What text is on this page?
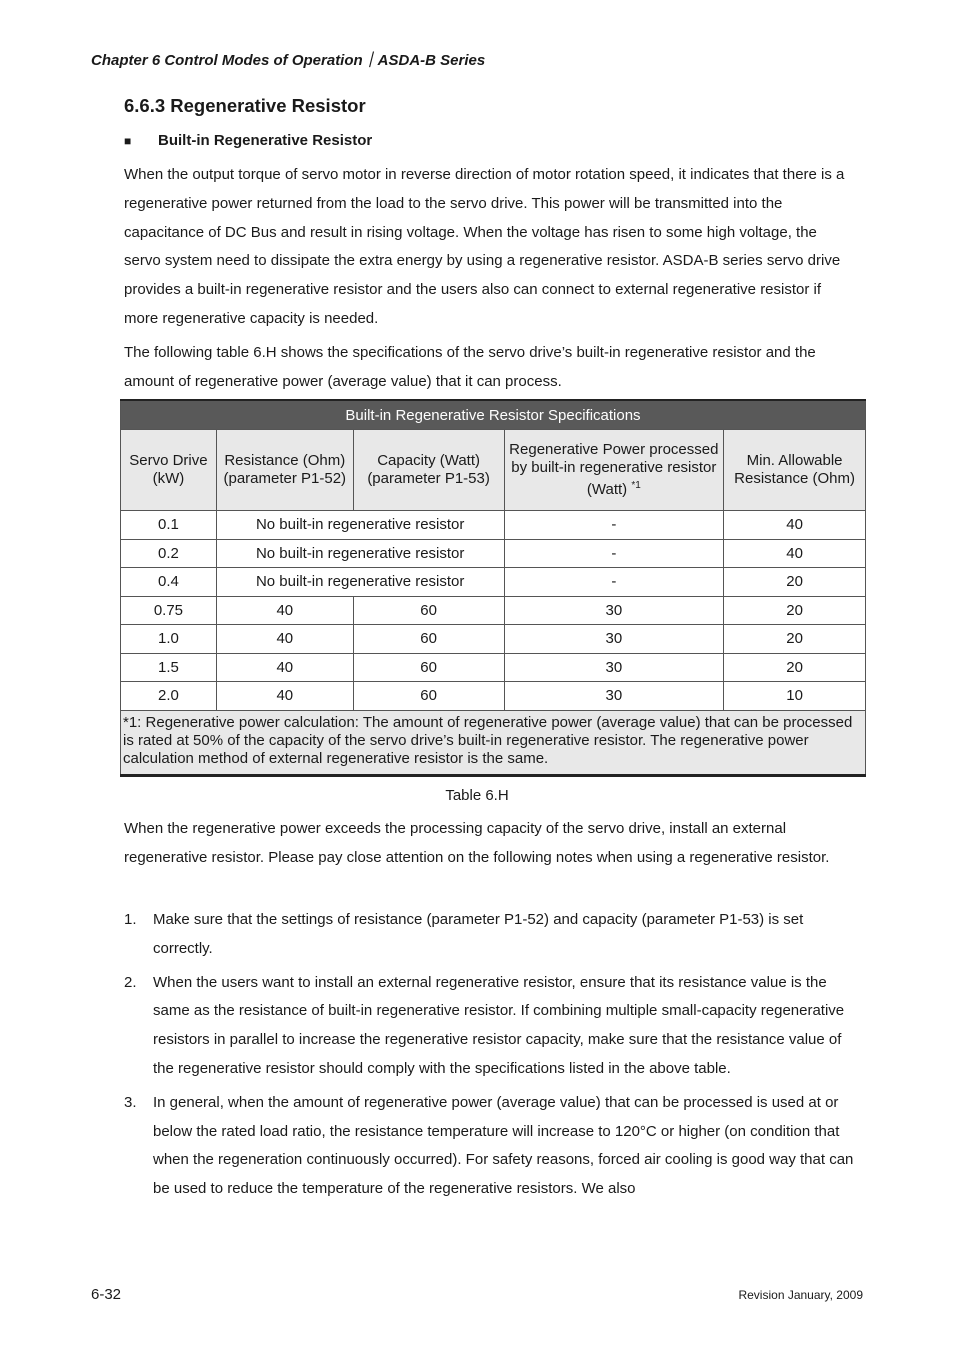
Chapter 6 Control Modes of Operation｜ASDA-B Series
6.6.3 Regenerative Resistor
■ Built-in Regenerative Resistor
When the output torque of servo motor in reverse direction of motor rotation speed, it indicates that there is a regenerative power returned from the load to the servo drive. This power will be transmitted into the capacitance of DC Bus and result in rising voltage. When the voltage has risen to some high voltage, the servo system need to dissipate the extra energy by using a regenerative resistor. ASDA-B series servo drive provides a built-in regenerative resistor and the users also can connect to external regenerative resistor if more regenerative capacity is needed.
The following table 6.H shows the specifications of the servo drive’s built-in regenerative resistor and the amount of regenerative power (average value) that it can process.
Built-in Regenerative Resistor Specifications				
Servo Drive (kW)	Resistance (Ohm) (parameter P1-52)	Capacity (Watt) (parameter P1-53)	Regenerative Power processed by built-in regenerative resistor (Watt) $^{*1}$	Min. Allowable Resistance (Ohm)
0.1	No built-in regenerative resistor		-	40
0.2	No built-in regenerative resistor		-	40
0.4	No built-in regenerative resistor		-	20
0.75	40	60	30	20
1.0	40	60	30	20
1.5	40	60	30	20
2.0	40	60	30	10
*1: Regenerative power calculation: The amount of regenerative power (average value) that can be processed is rated at 50% of the capacity of the servo drive’s built-in regenerative resistor. The regenerative power calculation method of external regenerative resistor is the same.				
Table 6.H
When the regenerative power exceeds the processing capacity of the servo drive, install an external regenerative resistor. Please pay close attention on the following notes when using a regenerative resistor.
1. Make sure that the settings of resistance (parameter P1-52) and capacity (parameter P1-53) is set correctly.
2. When the users want to install an external regenerative resistor, ensure that its resistance value is the same as the resistance of built-in regenerative resistor. If combining multiple small-capacity regenerative resistors in parallel to increase the regenerative resistor capacity, make sure that the resistance value of the regenerative resistor should comply with the specifications listed in the above table.
3. In general, when the amount of regenerative power (average value) that can be processed is used at or below the rated load ratio, the resistance temperature will increase to 120°C or higher (on condition that when the regeneration continuously occurred). For safety reasons, forced air cooling is good way that can be used to reduce the temperature of the regenerative resistors. We also
6-32	Revision January, 2009
